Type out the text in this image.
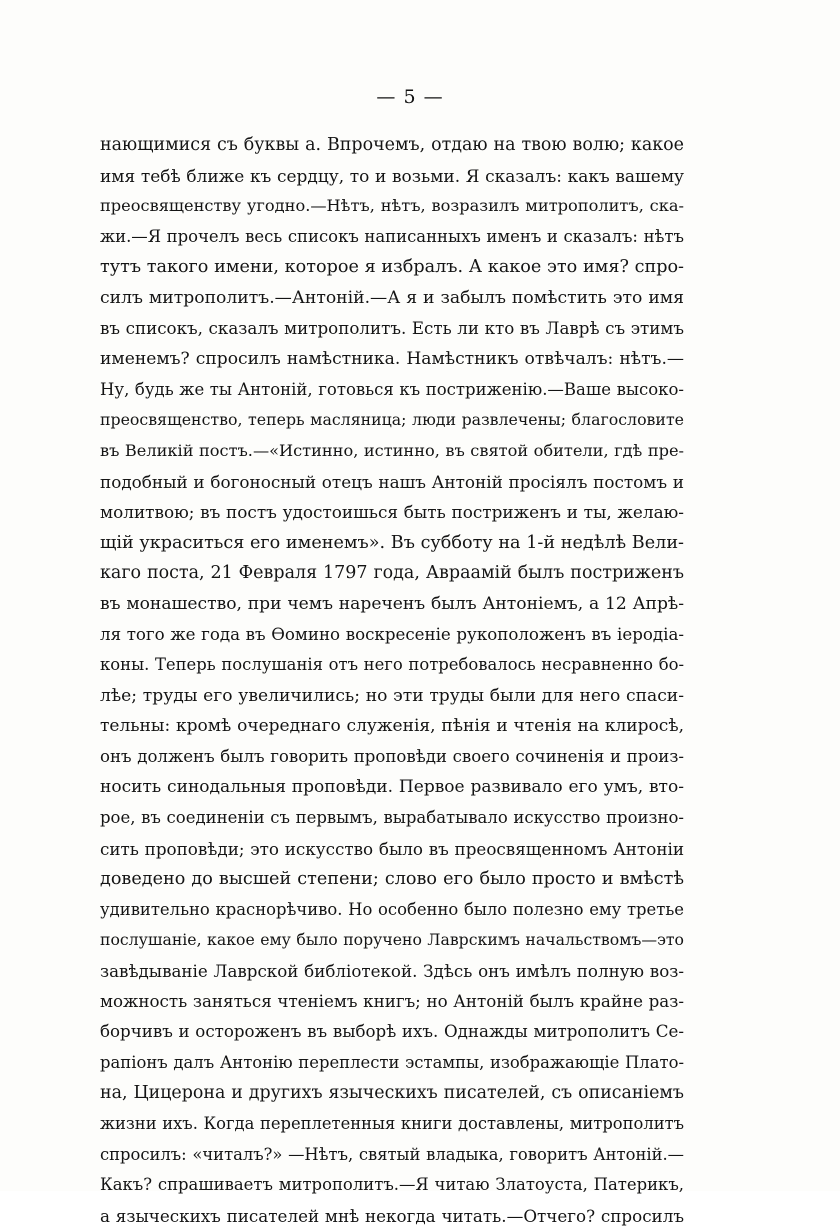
— 5 —
нающимися съ буквы а. Впрочемъ, отдаю на твою волю; какое
имя тебѣ ближе къ сердцу, то и возьми. Я сказалъ: какъ вашему
преосвященству угодно.—Нѣтъ, нѣтъ, возразилъ митрополитъ, ска-
жи.—Я прочелъ весь списокъ написанныхъ именъ и сказалъ: нѣтъ
тутъ такого имени, которое я избралъ. А какое это имя? спро-
силъ митрополитъ.—Антоній.—А я и забылъ помѣстить это имя
въ списокъ, сказалъ митрополитъ. Есть ли кто въ Лаврѣ съ этимъ
именемъ? спросилъ намѣстника. Намѣстникъ отвѣчалъ: нѣтъ.—
Ну, будь же ты Антоній, готовься къ постриженію.—Ваше высоко-
преосвященство, теперь масляница; люди развлечены; благословите
въ Великій постъ.—«Истинно, истинно, въ святой обители, гдѣ пре-
подобный и богоносный отецъ нашъ Антоній просіялъ постомъ и
молитвою; въ постъ удостоишься быть постриженъ и ты, желаю-
щій украситься его именемъ». Въ субботу на 1-й недѣлѣ Вели-
каго поста, 21 Февраля 1797 года, Авраамій былъ постриженъ
въ монашество, при чемъ нареченъ былъ Антоніемъ, а 12 Апрѣ-
ля того же года въ Ѳомино воскресеніе рукоположенъ въ іеродіа-
коны. Теперь послушанія отъ него потребовалось несравненно бо-
лѣе; труды его увеличились; но эти труды были для него спаси-
тельны: кромѣ очереднаго служенія, пѣнія и чтенія на клиросѣ,
онъ долженъ былъ говорить проповѣди своего сочиненія и произ-
носить синодальныя проповѣди. Первое развивало его умъ, вто-
рое, въ соединеніи съ первымъ, вырабатывало искусство произно-
сить проповѣди; это искусство было въ преосвященномъ Антоніи
доведено до высшей степени; слово его было просто и вмѣстѣ
удивительно краснорѣчиво. Но особенно было полезно ему третье
послушаніе, какое ему было поручено Лаврскимъ начальствомъ—это
завѣдываніе Лаврской библіотекой. Здѣсь онъ имѣлъ полную воз-
можность заняться чтеніемъ книгъ; но Антоній былъ крайне раз-
борчивъ и остороженъ въ выборѣ ихъ. Однажды митрополитъ Се-
рапіонъ далъ Антонію переплести эстампы, изображающіе Плато-
на, Цицерона и другихъ языческихъ писателей, съ описаніемъ
жизни ихъ. Когда переплетенныя книги доставлены, митрополитъ
спросилъ: «читалъ?» —Нѣтъ, святый владыка, говоритъ Антоній.—
Какъ? спрашиваетъ митрополитъ.—Я читаю Златоуста, Патерикъ,
а языческихъ писателей мнѣ некогда читать.—Отчего? спросилъ
